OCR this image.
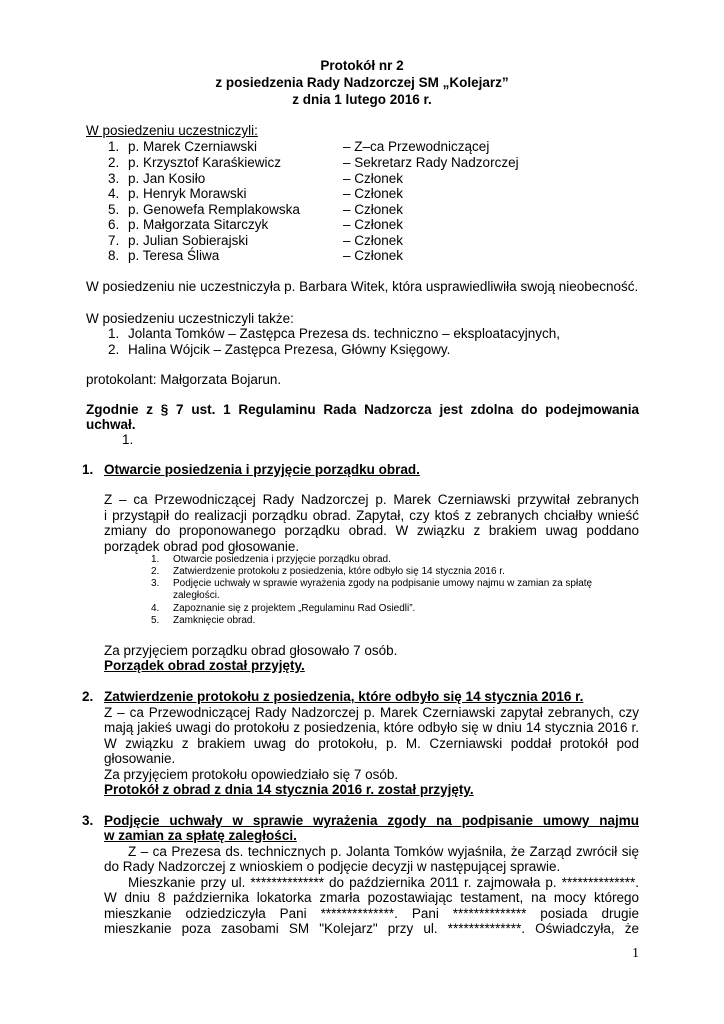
Protokół nr 2
z posiedzenia Rady Nadzorczej SM „Kolejarz”
z dnia 1 lutego 2016 r.
W posiedzeniu uczestniczyli:
1. p. Marek Czerniawski	– Z–ca Przewodniczącej
2. p. Krzysztof Karaśkiewicz	– Sekretarz Rady Nadzorczej
3. p. Jan Kosiło	– Członek
4. p. Henryk Morawski	– Członek
5. p. Genowefa Remplakowska	– Członek
6. p. Małgorzata Sitarczyk	– Członek
7. p. Julian Sobierajski	– Członek
8. p. Teresa Śliwa	– Członek
W posiedzeniu nie uczestniczyła p. Barbara Witek, która usprawiedliwiła swoją nieobecność.
W posiedzeniu uczestniczyli także:
1. Jolanta Tomków – Zastępca Prezesa ds. techniczno – eksploatacyjnych,
2. Halina Wójcik – Zastępca Prezesa, Główny Księgowy.
protokolant: Małgorzata Bojarun.
Zgodnie z § 7 ust. 1 Regulaminu Rada Nadzorcza jest zdolna do podejmowania
uchwał.
1.
1. Otwarcie posiedzenia i przyjęcie porządku obrad.
Z – ca Przewodniczącej Rady Nadzorczej p. Marek Czerniawski przywitał zebranych
i przystąpił do realizacji porządku obrad. Zapytał, czy ktoś z zebranych chciałby wnieść
zmiany do proponowanego porządku obrad. W związku z brakiem uwag poddano
porządek obrad pod głosowanie.
1. Otwarcie posiedzenia i przyjęcie porządku obrad.
2. Zatwierdzenie protokołu z posiedzenia, które odbyło się 14 stycznia 2016 r.
3. Podjęcie uchwały w sprawie wyrażenia zgody na podpisanie umowy najmu w zamian za spłatę
zaległości.
4. Zapoznanie się z projektem „Regulaminu Rad Osiedli”.
5. Zamknięcie obrad.
Za przyjęciem porządku obrad głosowało 7 osób.
Porządek obrad został przyjęty.
2. Zatwierdzenie protokołu z posiedzenia, które odbyło się 14 stycznia 2016 r.
Z – ca Przewodniczącej Rady Nadzorczej p. Marek Czerniawski zapytał zebranych, czy
mają jakieś uwagi do protokołu z posiedzenia, które odbyło się w dniu 14 stycznia 2016 r.
W związku z brakiem uwag do protokołu, p. M. Czerniawski poddał protokół pod
głosowanie.
Za przyjęciem protokołu opowiedziało się 7 osób.
Protokół z obrad z dnia 14 stycznia 2016 r. został przyjęty.
3. Podjęcie uchwały w sprawie wyrażenia zgody na podpisanie umowy najmu
w zamian za spłatę zaległości.
Z – ca Prezesa ds. technicznych p. Jolanta Tomków wyjaśniła, że Zarząd zwrócił się
do Rady Nadzorczej z wnioskiem o podjęcie decyzji w następującej sprawie.
Mieszkanie przy ul. ************** do października 2011 r. zajmowała p. **************.
W dniu 8 października lokatorka zmarła pozostawiając testament, na mocy którego
mieszkanie odziedziczyła Pani **************. Pani ************** posiada drugie
mieszkanie poza zasobami SM "Kolejarz" przy ul. **************. Oświadczyła, że
1
